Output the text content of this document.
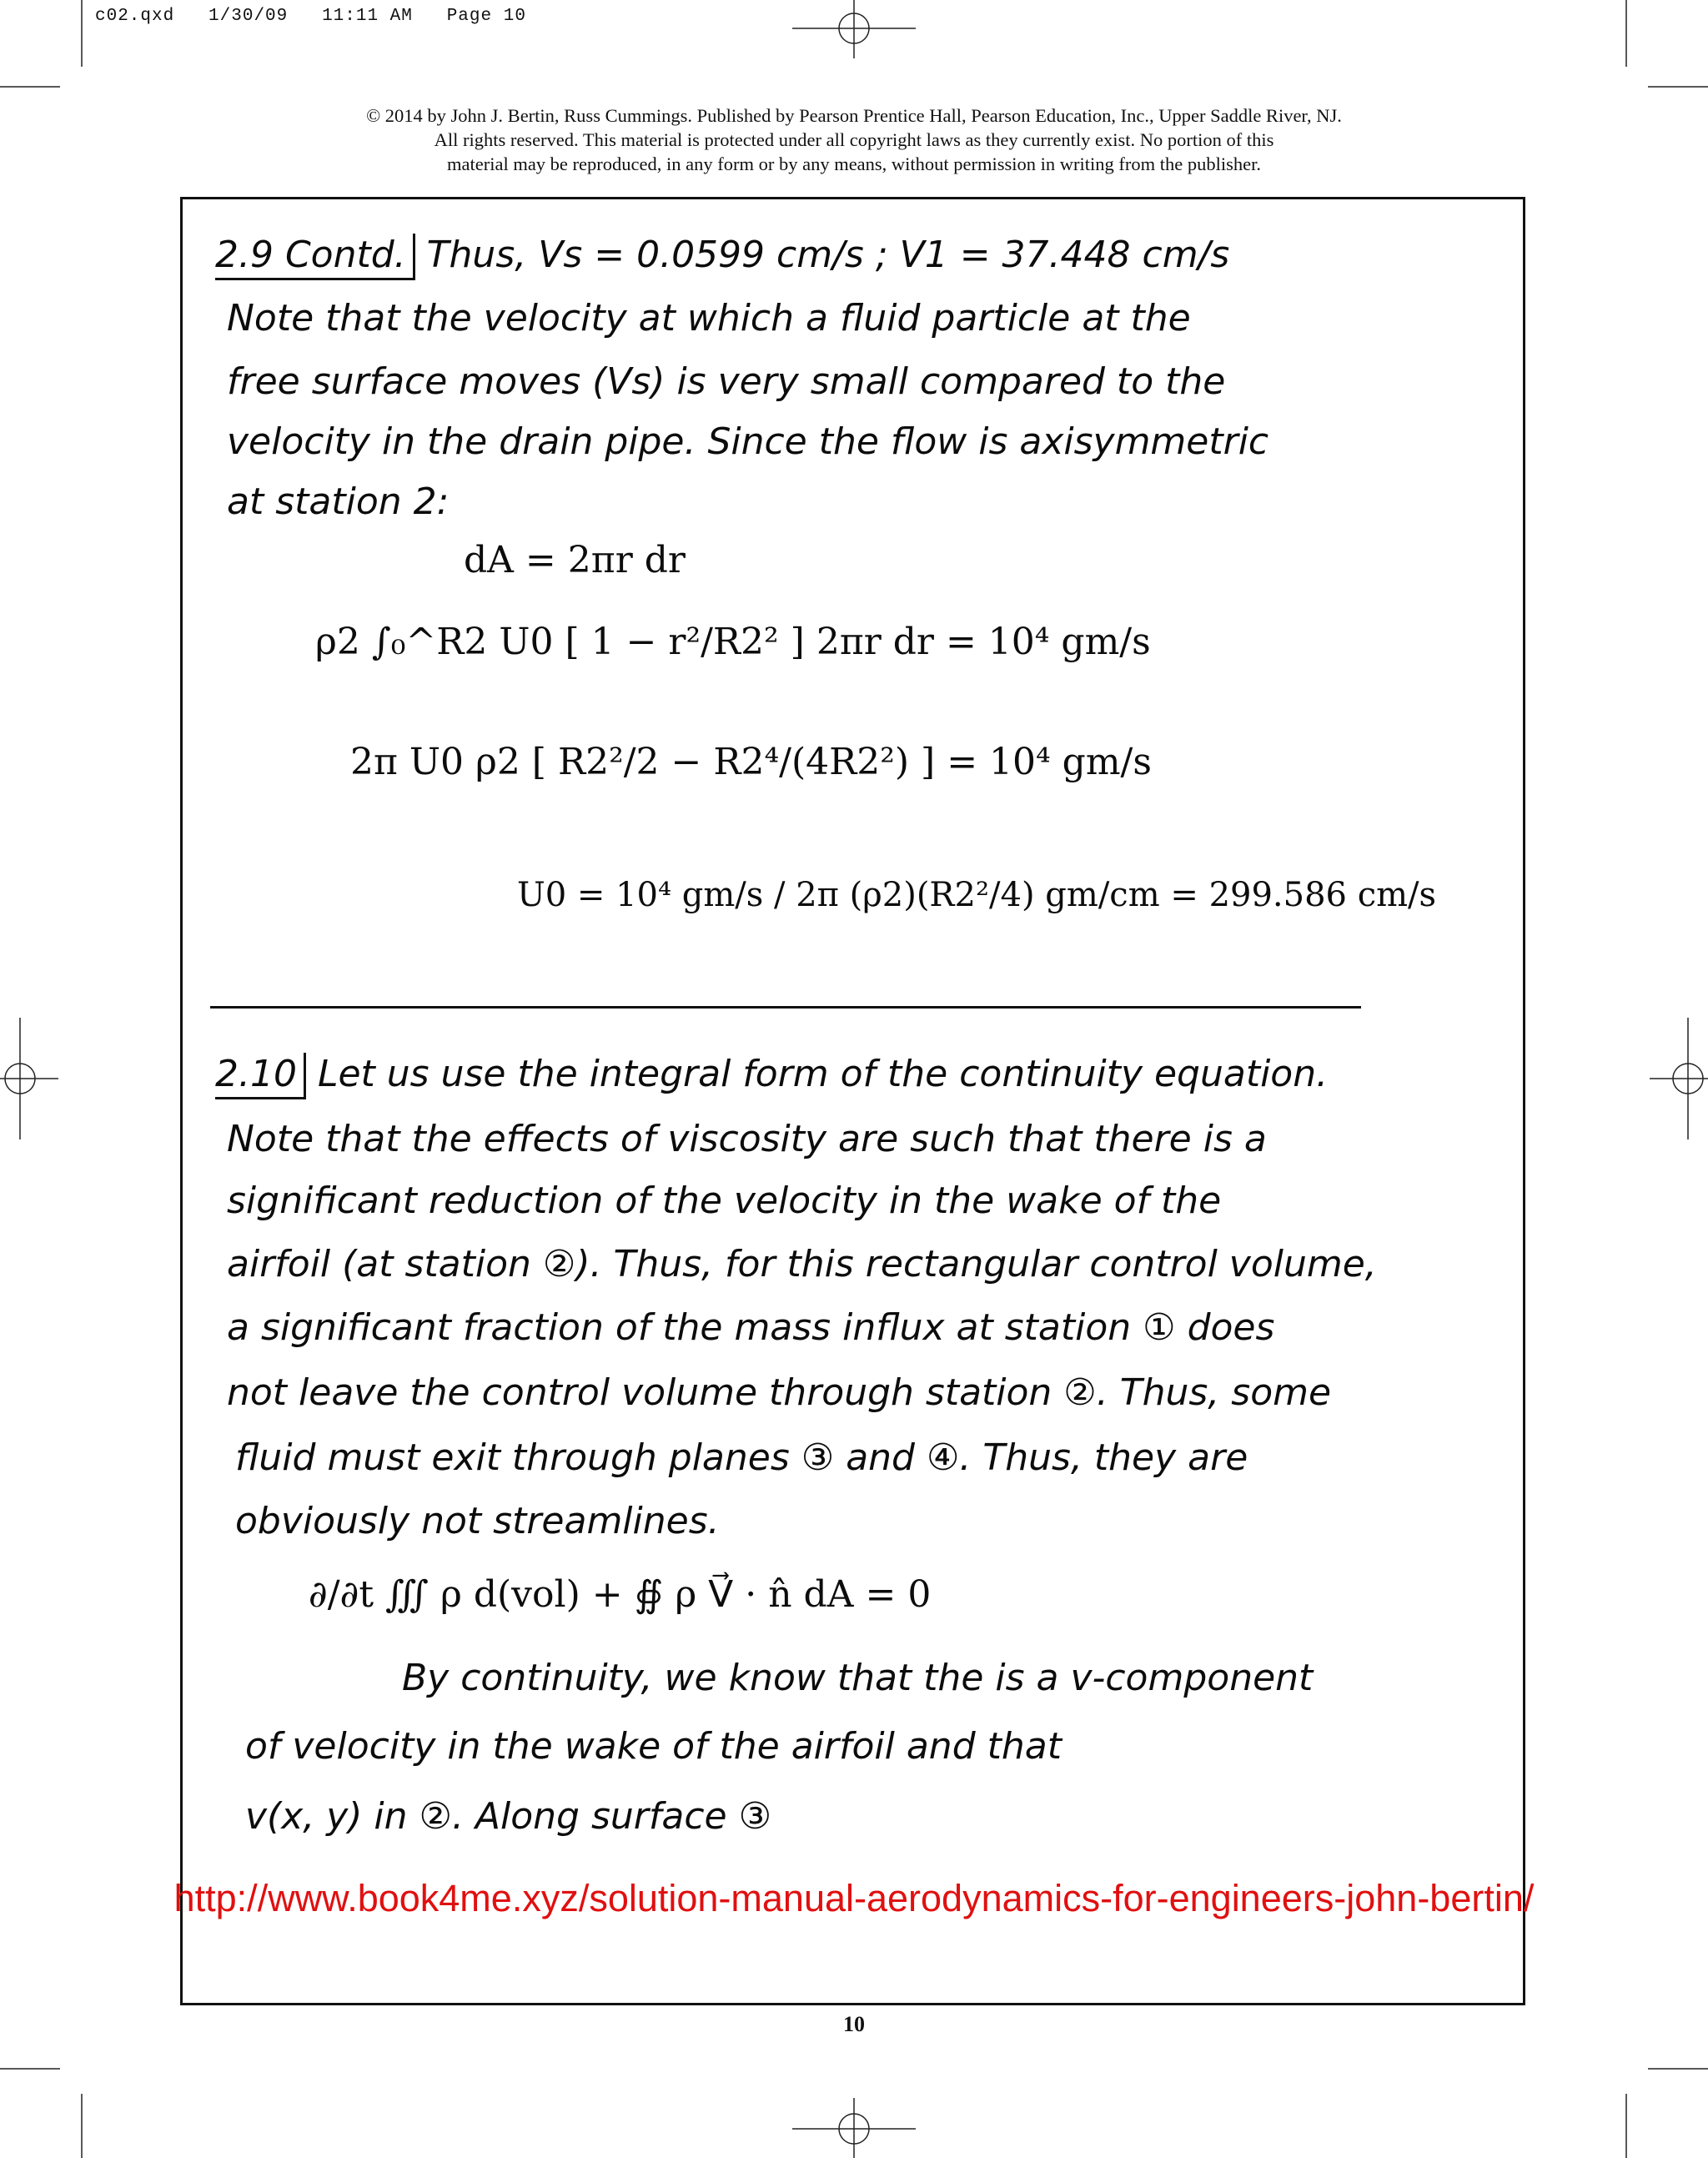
c02.qxd 1/30/09 11:11 AM Page 10
© 2014 by John J. Bertin, Russ Cummings. Published by Pearson Prentice Hall, Pearson Education, Inc., Upper Saddle River, NJ.
All rights reserved. This material is protected under all copyright laws as they currently exist. No portion of this
material may be reproduced, in any form or by any means, without permission in writing from the publisher.
2.9 Contd. Thus, Vs = 0.0599 cm/s ; V1 = 37.448 cm/s
Note that the velocity at which a fluid particle at the
free surface moves (Vs) is very small compared to the
velocity in the drain pipe. Since the flow is axisymmetric
at station 2:
dA = 2πr dr
ρ2 ∫₀^R2 U0 [ 1 − r²/R2² ] 2πr dr = 10⁴ gm/s
2π U0 ρ2 [ R2²/2 − R2⁴/(4R2²) ] = 10⁴ gm/s
U0 = 10⁴ gm/s / 2π (ρ2)(R2²/4) gm/cm = 299.586 cm/s
2.10 Let us use the integral form of the continuity equation.
Note that the effects of viscosity are such that there is a
significant reduction of the velocity in the wake of the
airfoil (at station ②). Thus, for this rectangular control volume,
a significant fraction of the mass influx at station ① does
not leave the control volume through station ②. Thus, some
fluid must exit through planes ③ and ④. Thus, they are
obviously not streamlines.
∂/∂t ∭ ρ d(vol) + ∯ ρ V⃗ · n̂ dA = 0
By continuity, we know that the is a v-component
of velocity in the wake of the airfoil and that
v(x, y) in ②. Along surface ③
http://www.book4me.xyz/solution-manual-aerodynamics-for-engineers-john-bertin/
10
